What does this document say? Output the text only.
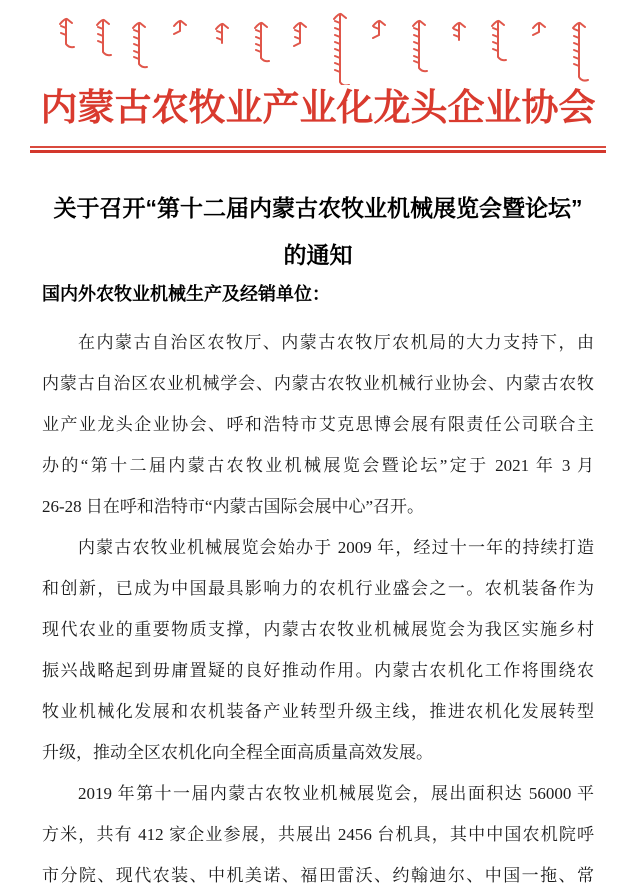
内蒙古农牧业产业化龙头企业协会
关于召开“第十二届内蒙古农牧业机械展览会暨论坛”
的通知

国内外农牧业机械生产及经销单位：

在内蒙古自治区农牧厅、内蒙古农牧厅农机局的大力支持下，由
内蒙古自治区农业机械学会、内蒙古农牧业机械行业协会、内蒙古农牧
业产业龙头企业协会、呼和浩特市艾克思博会展有限责任公司联合主
办的“第十二届内蒙古农牧业机械展览会暨论坛”定于 2021 年 3 月
26-28 日在呼和浩特市“内蒙古国际会展中心”召开。
内蒙古农牧业机械展览会始办于 2009 年，经过十一年的持续打造
和创新，已成为中国最具影响力的农机行业盛会之一。农机装备作为
现代农业的重要物质支撑，内蒙古农牧业机械展览会为我区实施乡村
振兴战略起到毋庸置疑的良好推动作用。内蒙古农机化工作将围绕农
牧业机械化发展和农机装备产业转型升级主线，推进农机化发展转型
升级，推动全区农机化向全程全面高质量高效发展。
2019 年第十一届内蒙古农牧业机械展览会，展出面积达 56000 平
方米，共有 412 家企业参展，共展出 2456 台机具，其中中国农机院呼
市分院、现代农装、中机美诺、福田雷沃、约翰迪尔、中国一拖、常
